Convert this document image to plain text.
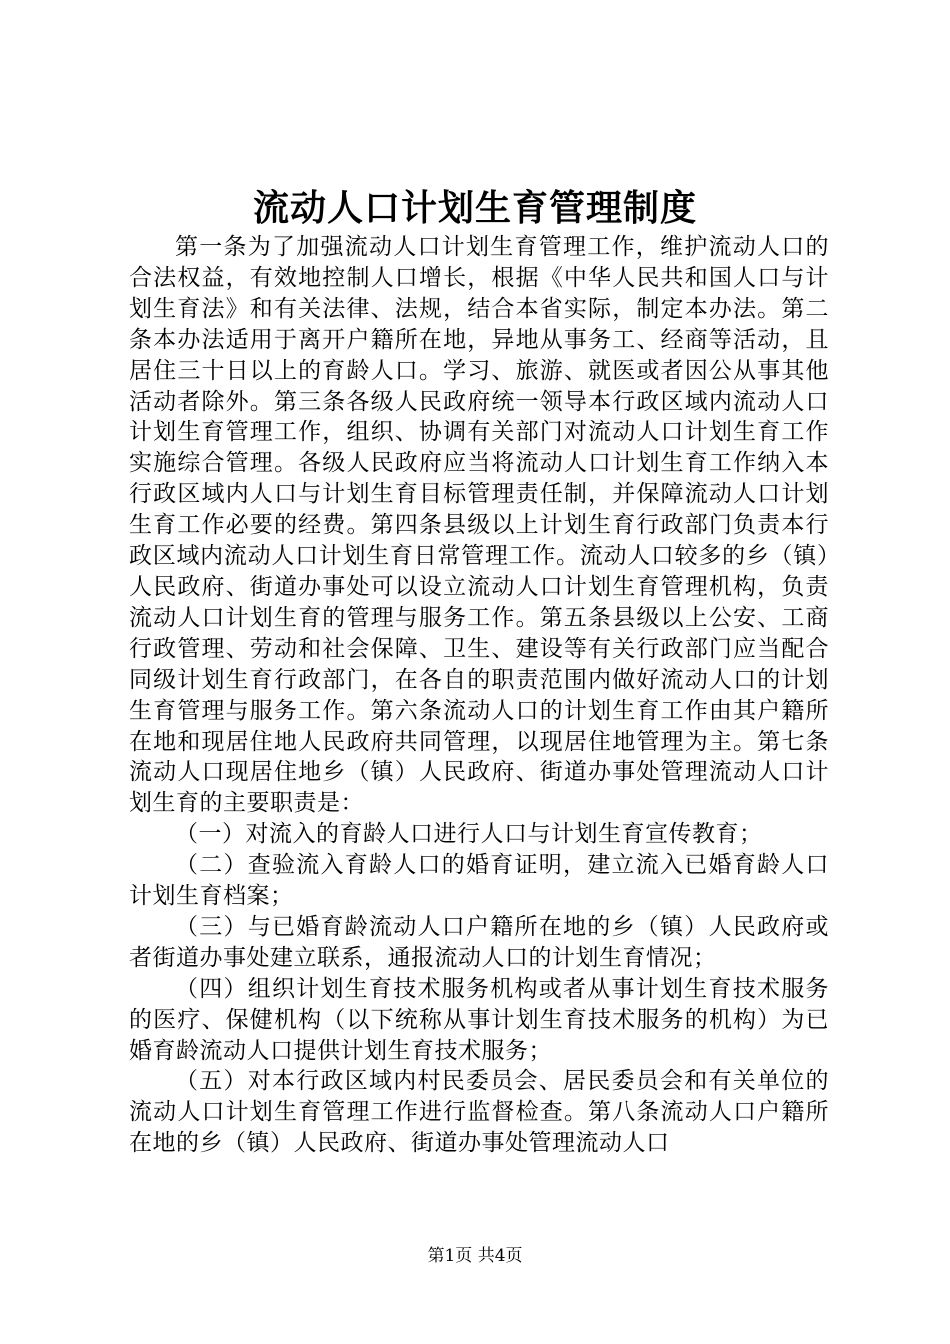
流动人口计划生育管理制度

第一条为了加强流动人口计划生育管理工作，维护流动人口的合法权益，有效地控制人口增长，根据《中华人民共和国人口与计划生育法》和有关法律、法规，结合本省实际，制定本办法。第二条本办法适用于离开户籍所在地，异地从事务工、经商等活动，且居住三十日以上的育龄人口。学习、旅游、就医或者因公从事其他活动者除外。第三条各级人民政府统一领导本行政区域内流动人口计划生育管理工作，组织、协调有关部门对流动人口计划生育工作实施综合管理。各级人民政府应当将流动人口计划生育工作纳入本行政区域内人口与计划生育目标管理责任制，并保障流动人口计划生育工作必要的经费。第四条县级以上计划生育行政部门负责本行政区域内流动人口计划生育日常管理工作。流动人口较多的乡（镇）人民政府、街道办事处可以设立流动人口计划生育管理机构，负责流动人口计划生育的管理与服务工作。第五条县级以上公安、工商行政管理、劳动和社会保障、卫生、建设等有关行政部门应当配合同级计划生育行政部门，在各自的职责范围内做好流动人口的计划生育管理与服务工作。第六条流动人口的计划生育工作由其户籍所在地和现居住地人民政府共同管理，以现居住地管理为主。第七条流动人口现居住地乡（镇）人民政府、街道办事处管理流动人口计划生育的主要职责是：

（一）对流入的育龄人口进行人口与计划生育宣传教育；

（二）查验流入育龄人口的婚育证明，建立流入已婚育龄人口计划生育档案；

（三）与已婚育龄流动人口户籍所在地的乡（镇）人民政府或者街道办事处建立联系，通报流动人口的计划生育情况；

（四）组织计划生育技术服务机构或者从事计划生育技术服务的医疗、保健机构（以下统称从事计划生育技术服务的机构）为已婚育龄流动人口提供计划生育技术服务；

（五）对本行政区域内村民委员会、居民委员会和有关单位的流动人口计划生育管理工作进行监督检查。第八条流动人口户籍所在地的乡（镇）人民政府、街道办事处管理流动人口

第1页 共4页
